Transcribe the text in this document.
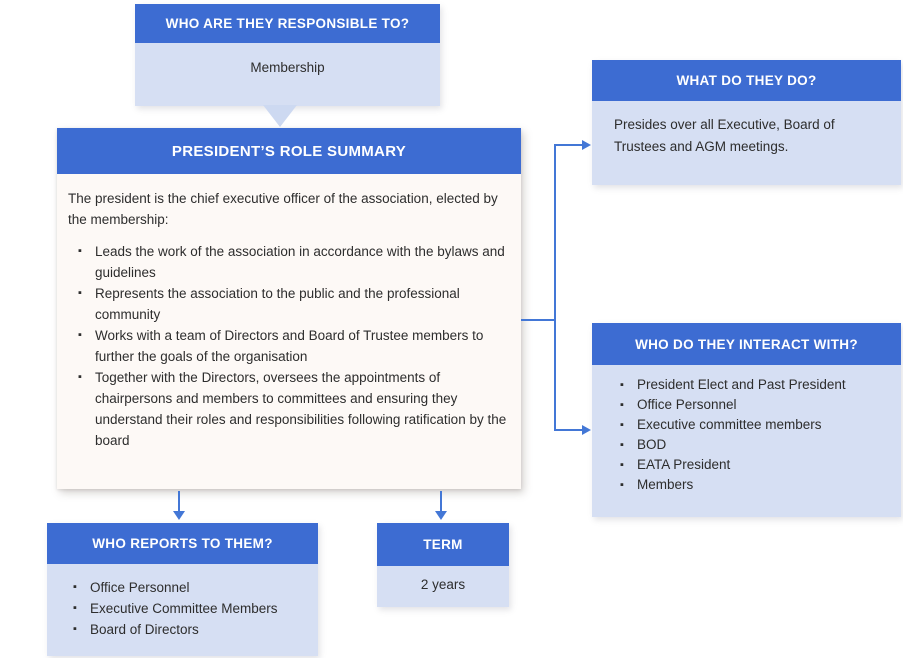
WHO ARE THEY RESPONSIBLE TO?
Membership
PRESIDENT’S ROLE SUMMARY

The president is the chief executive officer of the association, elected by the membership:

▪ Leads the work of the association in accordance with the bylaws and guidelines
▪ Represents the association to the public and the professional community
▪ Works with a team of Directors and Board of Trustee members to further the goals of the organisation
▪ Together with the Directors, oversees the appointments of chairpersons and members to committees and ensuring they understand their roles and responsibilities following ratification by the board
WHAT DO THEY DO?
Presides over all Executive, Board of Trustees and AGM meetings.
WHO DO THEY INTERACT WITH?
▪ President Elect and Past President
▪ Office Personnel
▪ Executive committee members
▪ BOD
▪ EATA President
▪ Members
WHO REPORTS TO THEM?
▪ Office Personnel
▪ Executive Committee Members
▪ Board of Directors
TERM
2 years
